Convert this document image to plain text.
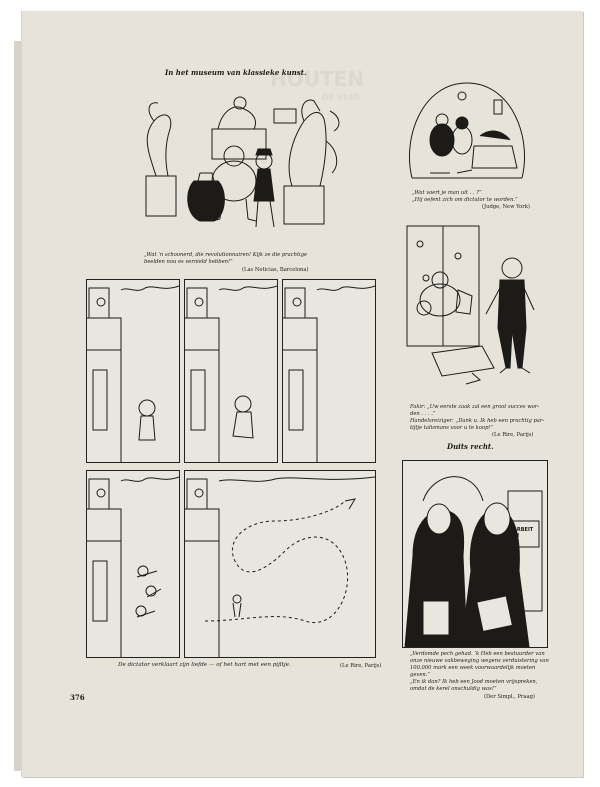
HOUTEN
DE STAD
In het museum van klassieke kunst.
„Wat ’n schoonerd, die revolutionnairen! Kijk ze die prachtige
beelden nou es vernield hebben!”
(Las Noticias, Barcelona)
„Wat voert je man uit . . ?”
„Hij oefent zich om dictator te worden.”
(Judge, New York)
Fakir: „Uw eerste zaak zal een groot succes wor-
den . . . .”
Handelsreiziger: „Dank u. Ik heb een prachtig par-
tijtje talismans voor u te koop!”
(Le Rire, Parijs)
Duits recht.
ARBEIT IN
„Verdomde pech gehad. ’k Heb een bestuurder van
onze nieuwe vakbeweging wegens verduistering van
100.000 mark een week voorwaardelijk moeten
geven.”
„En ik dan? Ik heb een Jood moeten vrijspreken,
omdat de kerel onschuldig was!”
(Der Simpl., Praag)
De dictator verklaart zijn liefde — of het hart met een pijltje.	(Le Rire, Parijs)
376
